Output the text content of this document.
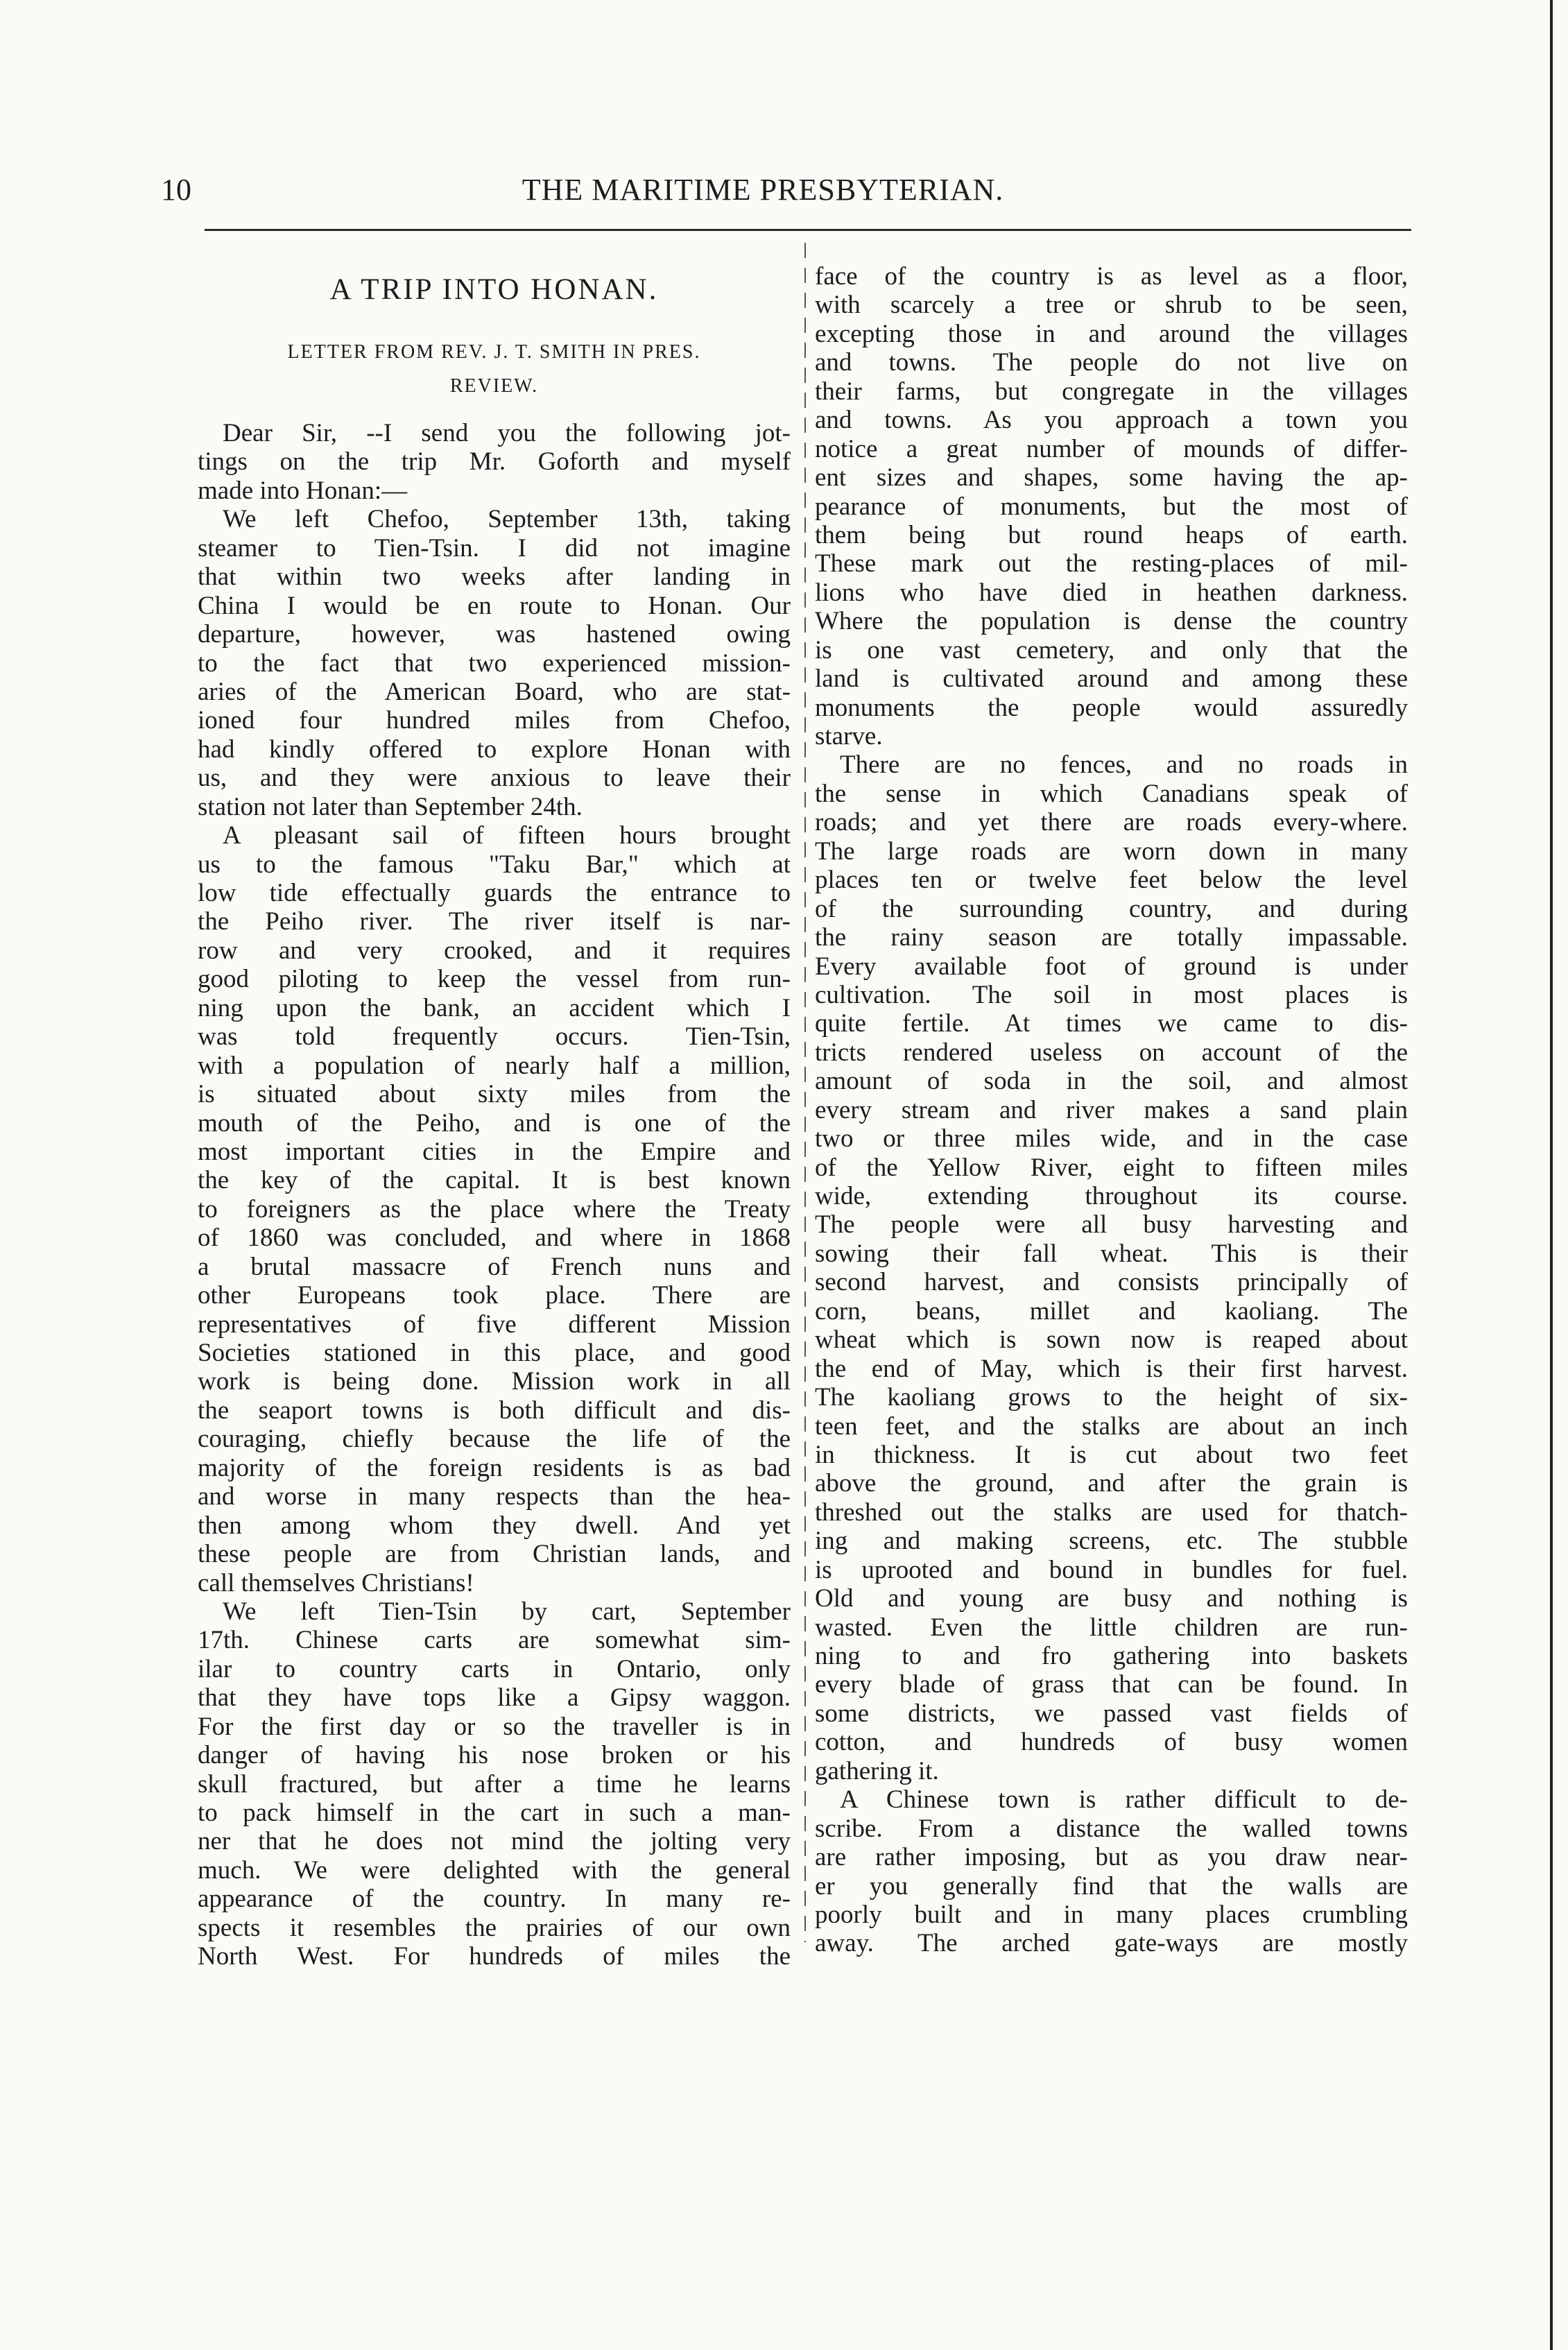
10	THE MARITIME PRESBYTERIAN.
A TRIP INTO HONAN.
LETTER FROM REV. J. T. SMITH IN PRES.
REVIEW.
Dear Sir, --I send you the following jot-
tings on the trip Mr. Goforth and myself
made into Honan:—
We left Chefoo, September 13th, taking
steamer to Tien-Tsin. I did not imagine
that within two weeks after landing in
China I would be en route to Honan. Our
departure, however, was hastened owing
to the fact that two experienced mission-
aries of the American Board, who are stat-
ioned four hundred miles from Chefoo,
had kindly offered to explore Honan with
us, and they were anxious to leave their
station not later than September 24th.
A pleasant sail of fifteen hours brought
us to the famous "Taku Bar," which at
low tide effectually guards the entrance to
the Peiho river. The river itself is nar-
row and very crooked, and it requires
good piloting to keep the vessel from run-
ning upon the bank, an accident which I
was told frequently occurs. Tien-Tsin,
with a population of nearly half a million,
is situated about sixty miles from the
mouth of the Peiho, and is one of the
most important cities in the Empire and
the key of the capital. It is best known
to foreigners as the place where the Treaty
of 1860 was concluded, and where in 1868
a brutal massacre of French nuns and
other Europeans took place. There are
representatives of five different Mission
Societies stationed in this place, and good
work is being done. Mission work in all
the seaport towns is both difficult and dis-
couraging, chiefly because the life of the
majority of the foreign residents is as bad
and worse in many respects than the hea-
then among whom they dwell. And yet
these people are from Christian lands, and
call themselves Christians!
We left Tien-Tsin by cart, September
17th. Chinese carts are somewhat sim-
ilar to country carts in Ontario, only
that they have tops like a Gipsy waggon.
For the first day or so the traveller is in
danger of having his nose broken or his
skull fractured, but after a time he learns
to pack himself in the cart in such a man-
ner that he does not mind the jolting very
much. We were delighted with the general
appearance of the country. In many re-
spects it resembles the prairies of our own
North West. For hundreds of miles the
face of the country is as level as a floor,
with scarcely a tree or shrub to be seen,
excepting those in and around the villages
and towns. The people do not live on
their farms, but congregate in the villages
and towns. As you approach a town you
notice a great number of mounds of differ-
ent sizes and shapes, some having the ap-
pearance of monuments, but the most of
them being but round heaps of earth.
These mark out the resting-places of mil-
lions who have died in heathen darkness.
Where the population is dense the country
is one vast cemetery, and only that the
land is cultivated around and among these
monuments the people would assuredly
starve.
There are no fences, and no roads in
the sense in which Canadians speak of
roads; and yet there are roads every-where.
The large roads are worn down in many
places ten or twelve feet below the level
of the surrounding country, and during
the rainy season are totally impassable.
Every available foot of ground is under
cultivation. The soil in most places is
quite fertile. At times we came to dis-
tricts rendered useless on account of the
amount of soda in the soil, and almost
every stream and river makes a sand plain
two or three miles wide, and in the case
of the Yellow River, eight to fifteen miles
wide, extending throughout its course.
The people were all busy harvesting and
sowing their fall wheat. This is their
second harvest, and consists principally of
corn, beans, millet and kaoliang. The
wheat which is sown now is reaped about
the end of May, which is their first harvest.
The kaoliang grows to the height of six-
teen feet, and the stalks are about an inch
in thickness. It is cut about two feet
above the ground, and after the grain is
threshed out the stalks are used for thatch-
ing and making screens, etc. The stubble
is uprooted and bound in bundles for fuel.
Old and young are busy and nothing is
wasted. Even the little children are run-
ning to and fro gathering into baskets
every blade of grass that can be found. In
some districts, we passed vast fields of
cotton, and hundreds of busy women
gathering it.
A Chinese town is rather difficult to de-
scribe. From a distance the walled towns
are rather imposing, but as you draw near-
er you generally find that the walls are
poorly built and in many places crumbling
away. The arched gate-ways are mostly
